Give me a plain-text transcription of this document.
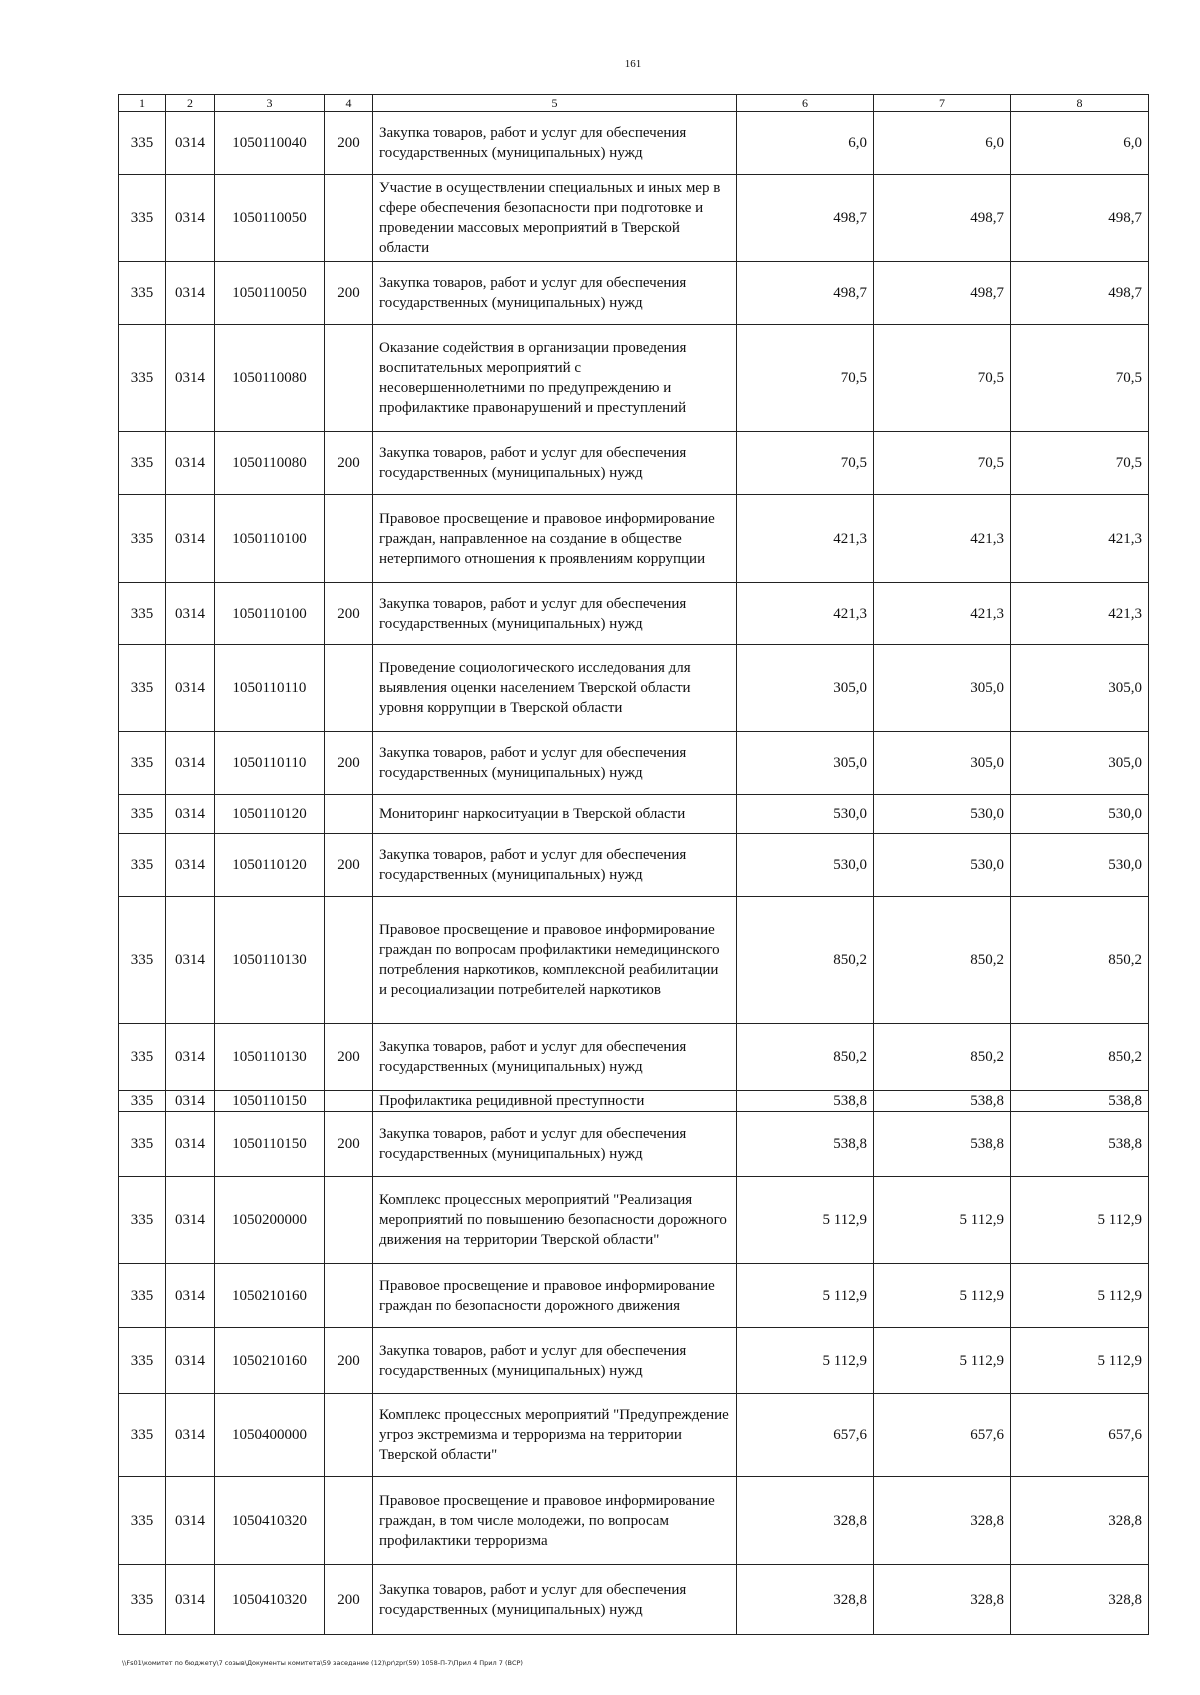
161
1	2	3	4	5	6	7	8
335	0314	1050110040	200	Закупка товаров, работ и услуг для обеспечения государственных (муниципальных) нужд	6,0	6,0	6,0
335	0314	1050110050		Участие в осуществлении специальных и иных мер в сфере обеспечения безопасности при подготовке и проведении массовых мероприятий в Тверской области	498,7	498,7	498,7
335	0314	1050110050	200	Закупка товаров, работ и услуг для обеспечения государственных (муниципальных) нужд	498,7	498,7	498,7
335	0314	1050110080		Оказание содействия в организации проведения воспитательных мероприятий с несовершеннолетними по предупреждению и профилактике правонарушений и преступлений	70,5	70,5	70,5
335	0314	1050110080	200	Закупка товаров, работ и услуг для обеспечения государственных (муниципальных) нужд	70,5	70,5	70,5
335	0314	1050110100		Правовое просвещение и правовое информирование граждан, направленное на создание в обществе нетерпимого отношения к проявлениям коррупции	421,3	421,3	421,3
335	0314	1050110100	200	Закупка товаров, работ и услуг для обеспечения государственных (муниципальных) нужд	421,3	421,3	421,3
335	0314	1050110110		Проведение социологического исследования для выявления оценки населением Тверской области уровня коррупции в Тверской области	305,0	305,0	305,0
335	0314	1050110110	200	Закупка товаров, работ и услуг для обеспечения государственных (муниципальных) нужд	305,0	305,0	305,0
335	0314	1050110120		Мониторинг наркоситуации в Тверской области	530,0	530,0	530,0
335	0314	1050110120	200	Закупка товаров, работ и услуг для обеспечения государственных (муниципальных) нужд	530,0	530,0	530,0
335	0314	1050110130		Правовое просвещение и правовое информирование граждан по вопросам профилактики немедицинского потребления наркотиков, комплексной реабилитации и ресоциализации потребителей наркотиков	850,2	850,2	850,2
335	0314	1050110130	200	Закупка товаров, работ и услуг для обеспечения государственных (муниципальных) нужд	850,2	850,2	850,2
335	0314	1050110150		Профилактика рецидивной преступности	538,8	538,8	538,8
335	0314	1050110150	200	Закупка товаров, работ и услуг для обеспечения государственных (муниципальных) нужд	538,8	538,8	538,8
335	0314	1050200000		Комплекс процессных мероприятий "Реализация мероприятий по повышению безопасности дорожного движения на территории Тверской области"	5 112,9	5 112,9	5 112,9
335	0314	1050210160		Правовое просвещение и правовое информирование граждан по безопасности дорожного движения	5 112,9	5 112,9	5 112,9
335	0314	1050210160	200	Закупка товаров, работ и услуг для обеспечения государственных (муниципальных) нужд	5 112,9	5 112,9	5 112,9
335	0314	1050400000		Комплекс процессных мероприятий "Предупреждение угроз экстремизма и терроризма на территории Тверской области"	657,6	657,6	657,6
335	0314	1050410320		Правовое просвещение и правовое информирование граждан, в том числе молодежи, по вопросам профилактики терроризма	328,8	328,8	328,8
335	0314	1050410320	200	Закупка товаров, работ и услуг для обеспечения государственных (муниципальных) нужд	328,8	328,8	328,8
\\Fs01\комитет по бюджету\7 созыв\Документы комитета\59 заседание (12)\pr\zpr(59) 1058-П-7\Прил 4 Прил 7 (ВСР)
